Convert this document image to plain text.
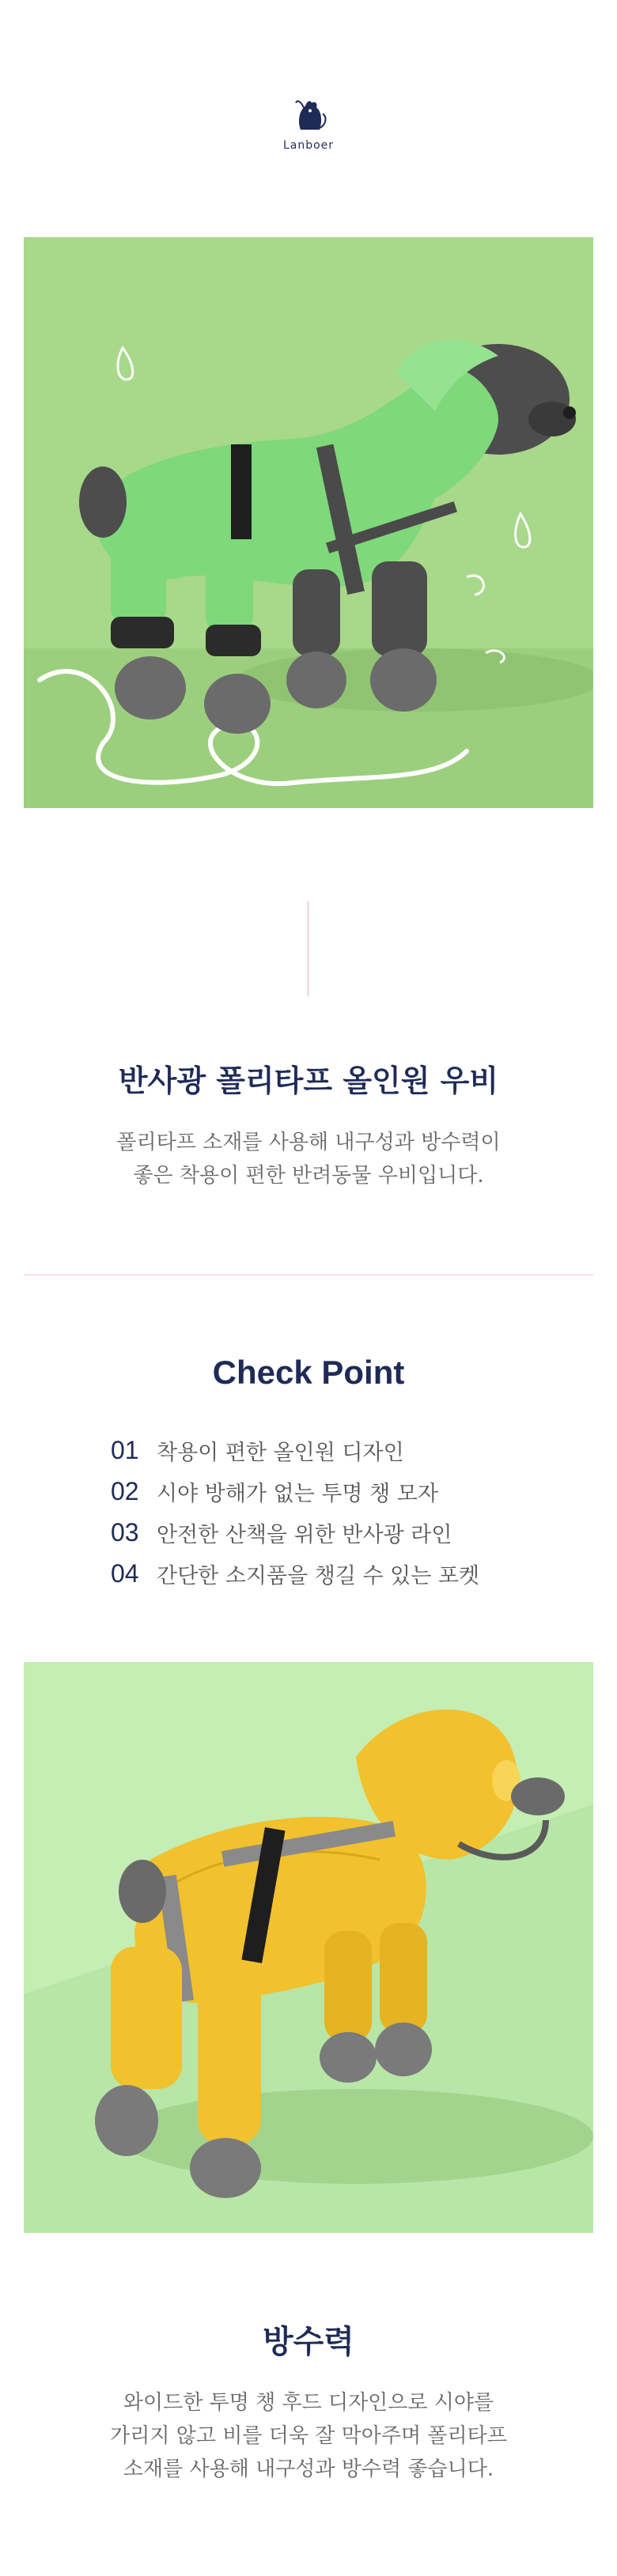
Lanboer
반사광 폴리타프 올인원 우비

폴리타프 소재를 사용해 내구성과 방수력이
좋은 착용이 편한 반려동물 우비입니다.

Check Point
01 착용이 편한 올인원 디자인
02 시야 방해가 없는 투명 챙 모자
03 안전한 산책을 위한 반사광 라인
04 간단한 소지품을 챙길 수 있는 포켓
방수력

와이드한 투명 챙 후드 디자인으로 시야를
가리지 않고 비를 더욱 잘 막아주며 폴리타프
소재를 사용해 내구성과 방수력 좋습니다.
